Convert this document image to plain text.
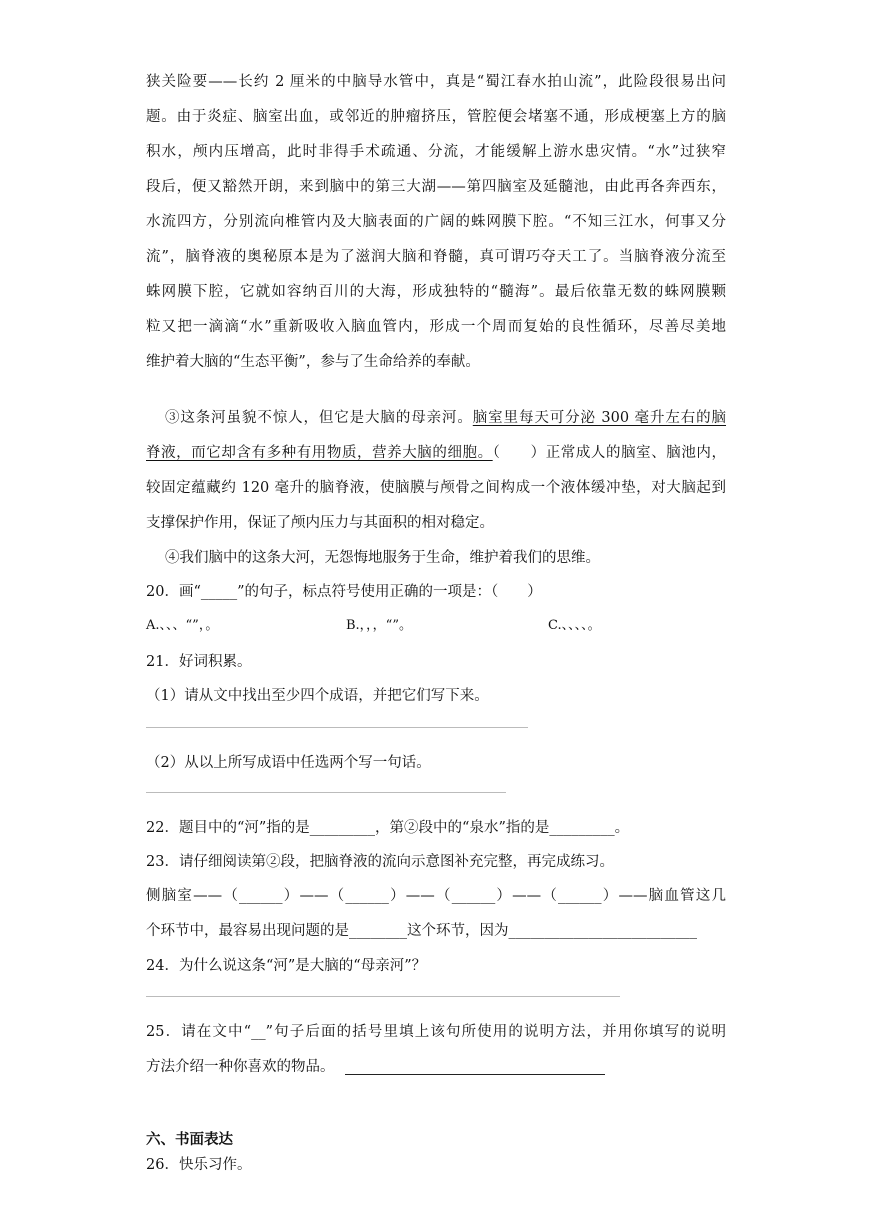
狭关险要——长约 2 厘米的中脑导水管中，真是“蜀江春水拍山流”，此险段很易出问
题。由于炎症、脑室出血，或邻近的肿瘤挤压，管腔便会堵塞不通，形成梗塞上方的脑
积水，颅内压增高，此时非得手术疏通、分流，才能缓解上游水患灾情。“水”过狭窄
段后，便又豁然开朗，来到脑中的第三大湖——第四脑室及延髓池，由此再各奔西东，
水流四方，分别流向椎管内及大脑表面的广阔的蛛网膜下腔。“不知三江水，何事又分
流”，脑脊液的奥秘原本是为了滋润大脑和脊髓，真可谓巧夺天工了。当脑脊液分流至
蛛网膜下腔，它就如容纳百川的大海，形成独特的“髓海”。最后依靠无数的蛛网膜颗
粒又把一滴滴“水”重新吸收入脑血管内，形成一个周而复始的良性循环，尽善尽美地
维护着大脑的“生态平衡”，参与了生命给养的奉献。
③这条河虽貌不惊人，但它是大脑的母亲河。脑室里每天可分泌 300 毫升左右的脑
脊液，而它却含有多种有用物质，营养大脑的细胞。（　　）正常成人的脑室、脑池内，
较固定蕴藏约 120 毫升的脑脊液，使脑膜与颅骨之间构成一个液体缓冲垫，对大脑起到
支撑保护作用，保证了颅内压力与其面积的相对稳定。
④我们脑中的这条大河，无怨悔地服务于生命，维护着我们的思维。
20．画“_____”的句子，标点符号使用正确的一项是：（　　）
A.、、、“”，。	B.，，，“”。	C.、、、、。
21．好词积累。
（1）请从文中找出至少四个成语，并把它们写下来。
（2）从以上所写成语中任选两个写一句话。
22．题目中的“河”指的是_________，第②段中的“泉水”指的是_________。
23．请仔细阅读第②段，把脑脊液的流向示意图补充完整，再完成练习。
侧脑室——（______）——（______）——（______）——（______）——脑血管这几
个环节中，最容易出现问题的是________这个环节，因为__________________________
24．为什么说这条“河”是大脑的“母亲河”？
25．请在文中“__”句子后面的括号里填上该句所使用的说明方法，并用你填写的说明
方法介绍一种你喜欢的物品。
六、书面表达
26．快乐习作。
